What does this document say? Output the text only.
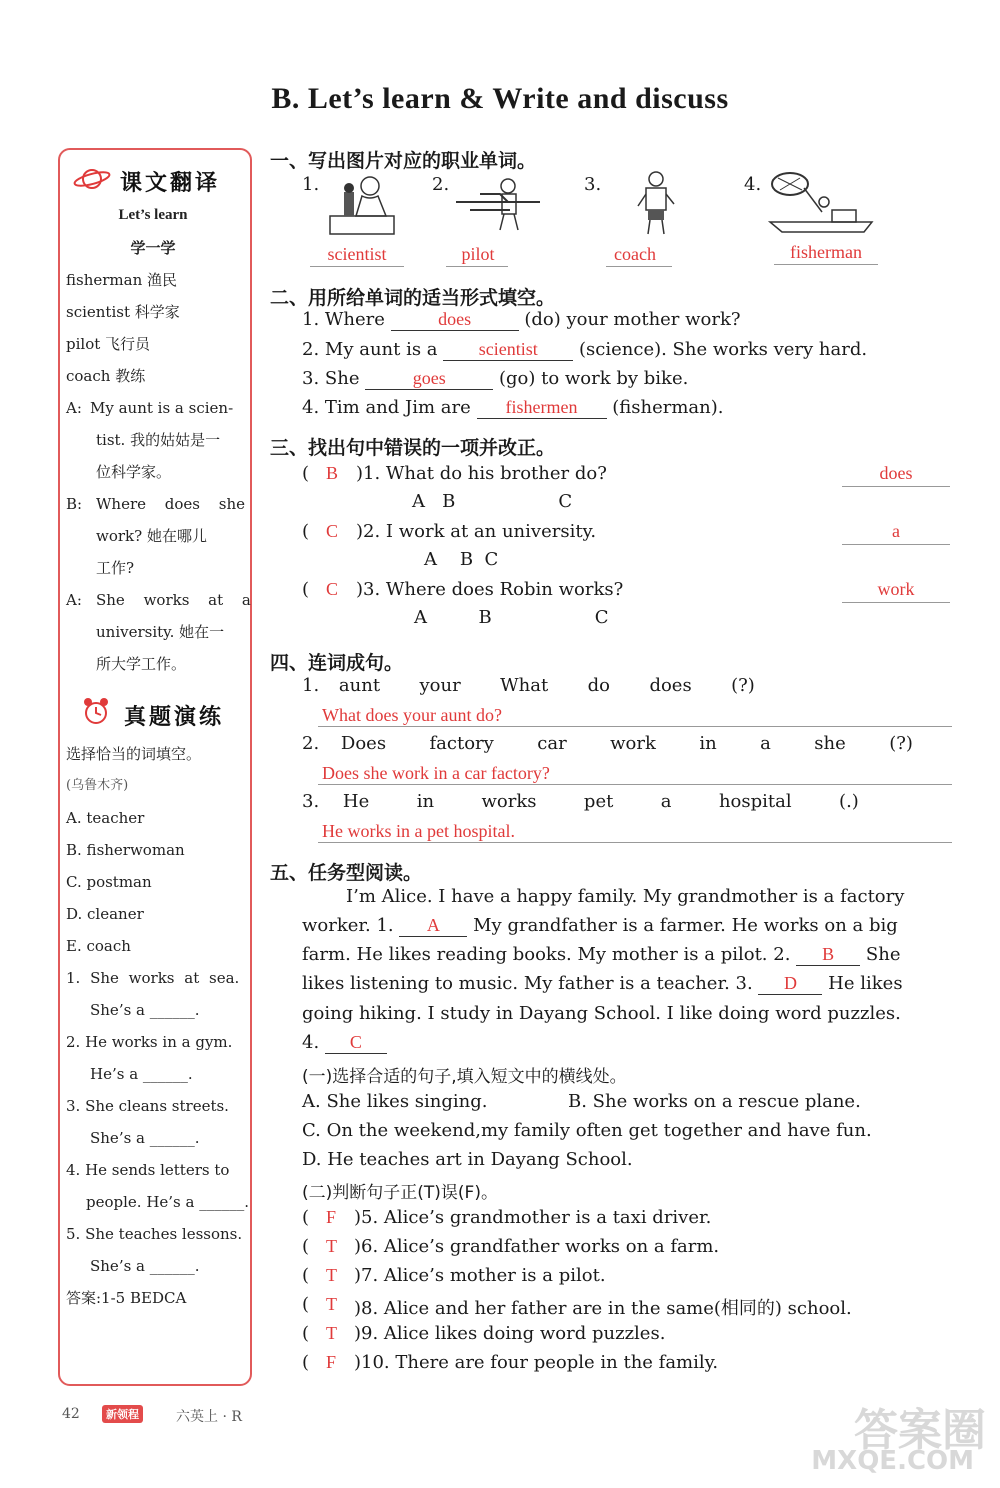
B. Let’s learn & Write and discuss
课文翻译
Let’s learn
学一学
fisherman 渔民
scientist 科学家
pilot 飞行员
coach 教练
A: My aunt is a scien-
tist. 我的姑姑是一
位科学家。
B: Where does she
work? 她在哪儿
工作?
A: She works at a
university. 她在一
所大学工作。
真题演练
选择恰当的词填空。
(乌鲁木齐)
A. teacher
B. fisherwoman
C. postman
D. cleaner
E. coach
1. She works at sea.
She’s a ______.
2. He works in a gym.
He’s a ______.
3. She cleans streets.
She’s a ______.
4. He sends letters to
people. He’s a ______.
5. She teaches lessons.
She’s a ______.
答案:1-5 BEDCA
一、写出图片对应的职业单词。
1.
scientist
2.
pilot
3.
coach
4.
fisherman
二、用所给单词的适当形式填空。
1. Where	does	(do) your mother work?
2. My aunt is a scientist (science). She works very hard.
3. She	goes	(go) to work by bike.
4. Tim and Jim are fishermen (fisherman).
三、找出句中错误的一项并改正。
( B )1. What do his brother do?
A   B                  C
does
( C )2. I work at an university.
A    B  C
a
( C )3. Where does Robin works?
A         B                  C
work
四、连词成句。
1. aunt  your  What  do  does  (?)
What does your aunt do?
2. Does  factory  car  work  in  a  she  (?)
Does she work in a car factory?
3. He  in  works  pet  a  hospital  (.)
He works in a pet hospital.
五、任务型阅读。
I’m Alice. I have a happy family. My grandmother is a factory
worker. 1. A My grandfather is a farmer. He works on a big
farm. He likes reading books. My mother is a pilot. 2. B She
likes listening to music. My father is a teacher. 3. D He likes
going hiking. I study in Dayang School. I like doing word puzzles.
4. C
(一)选择合适的句子,填入短文中的横线处。
A. She likes singing.	B. She works on a rescue plane.
C. On the weekend,my family often get together and have fun.
D. He teaches art in Dayang School.
(二)判断句子正(T)误(F)。
( F )5. Alice’s grandmother is a taxi driver.
( T )6. Alice’s grandfather works on a farm.
( T )7. Alice’s mother is a pilot.
( T )8. Alice and her father are in the same(相同的) school.
( T )9. Alice likes doing word puzzles.
( F )10. There are four people in the family.
42	新领程	六英上 · R	答案圈
MXQE.COM
